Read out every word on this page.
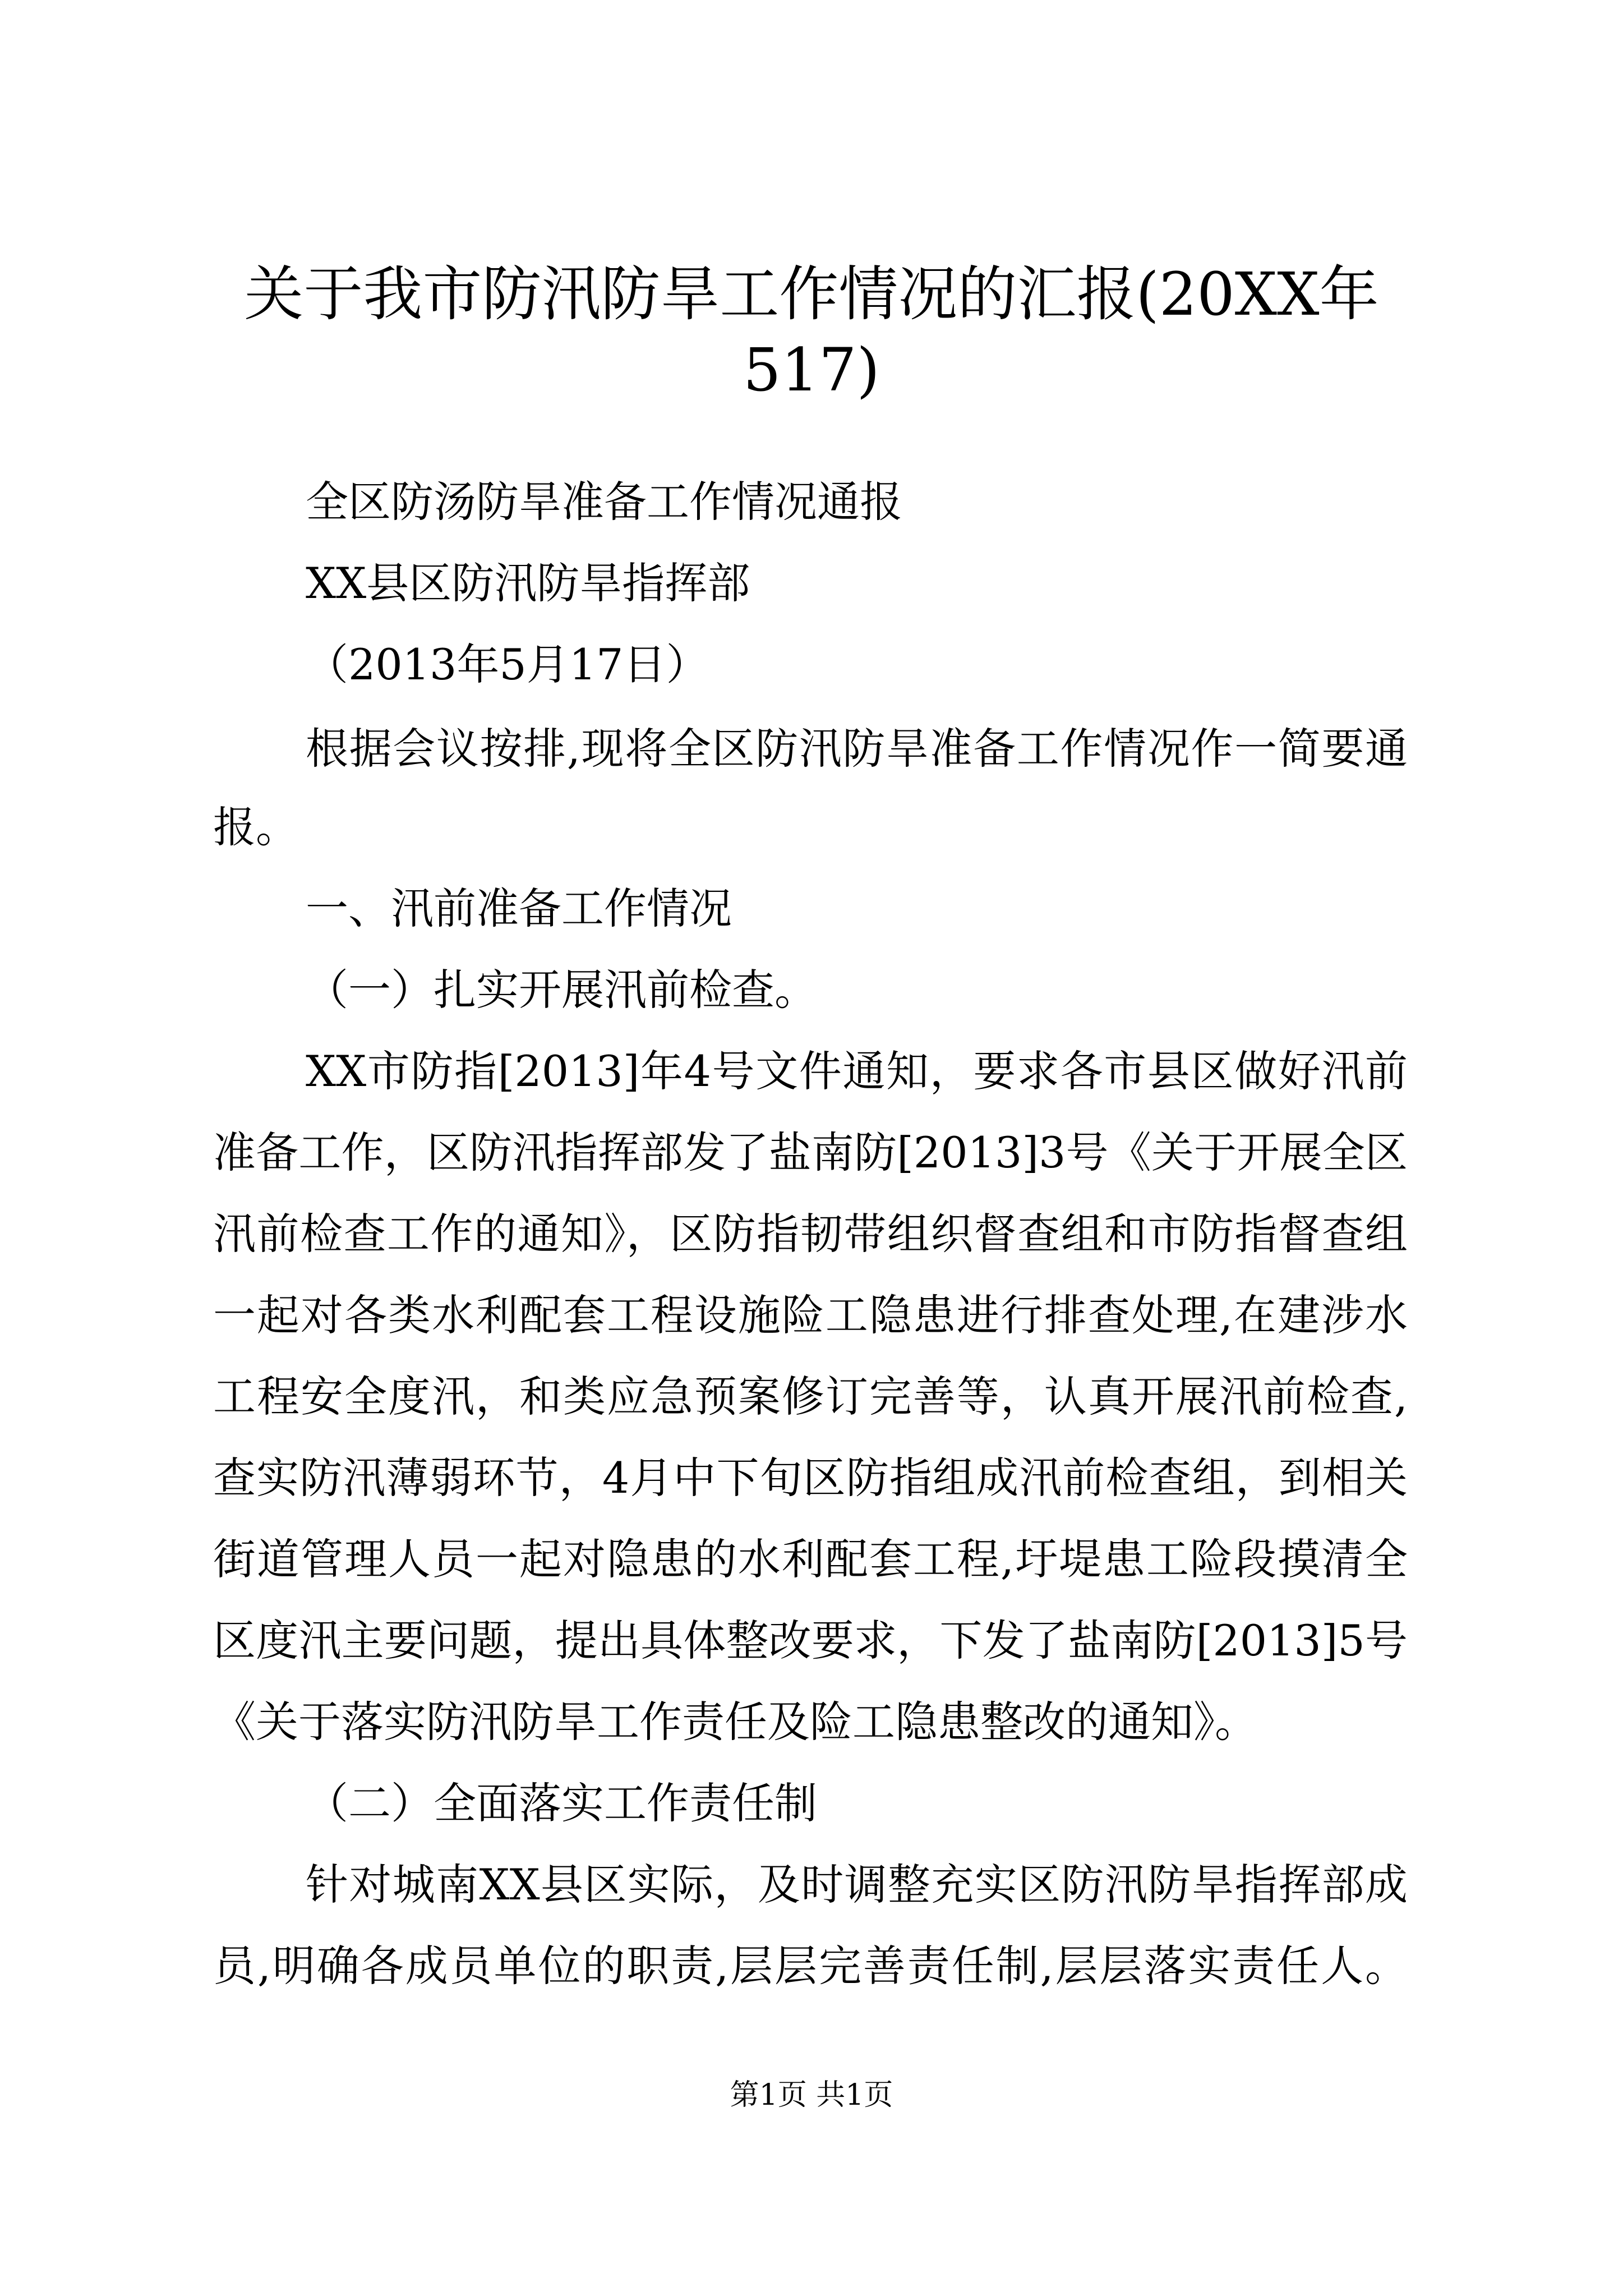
关于我市防汛防旱工作情况的汇报(20XX年
517)

全区防汤防旱准备工作情况通报

XX县区防汛防旱指挥部

（2013年5月17日）

根据会议按排,现将全区防汛防旱准备工作情况作一简要通

报。

一、汛前准备工作情况

（一）扎实开展汛前检查。

XX市防指[2013]年4号文件通知，要求各市县区做好汛前

准备工作，区防汛指挥部发了盐南防[2013]3号《关于开展全区

汛前检查工作的通知》，区防指韧带组织督查组和市防指督查组

一起对各类水利配套工程设施险工隐患进行排查处理,在建涉水

工程安全度汛，和类应急预案修订完善等，认真开展汛前检查,

查实防汛薄弱环节，4月中下旬区防指组成汛前检查组，到相关

街道管理人员一起对隐患的水利配套工程,圩堤患工险段摸清全

区度汛主要问题，提出具体整改要求，下发了盐南防[2013]5号

《关于落实防汛防旱工作责任及险工隐患整改的通知》。

（二）全面落实工作责任制

针对城南XX县区实际，及时调整充实区防汛防旱指挥部成

员,明确各成员单位的职责,层层完善责任制,层层落实责任人。

第1页 共1页
